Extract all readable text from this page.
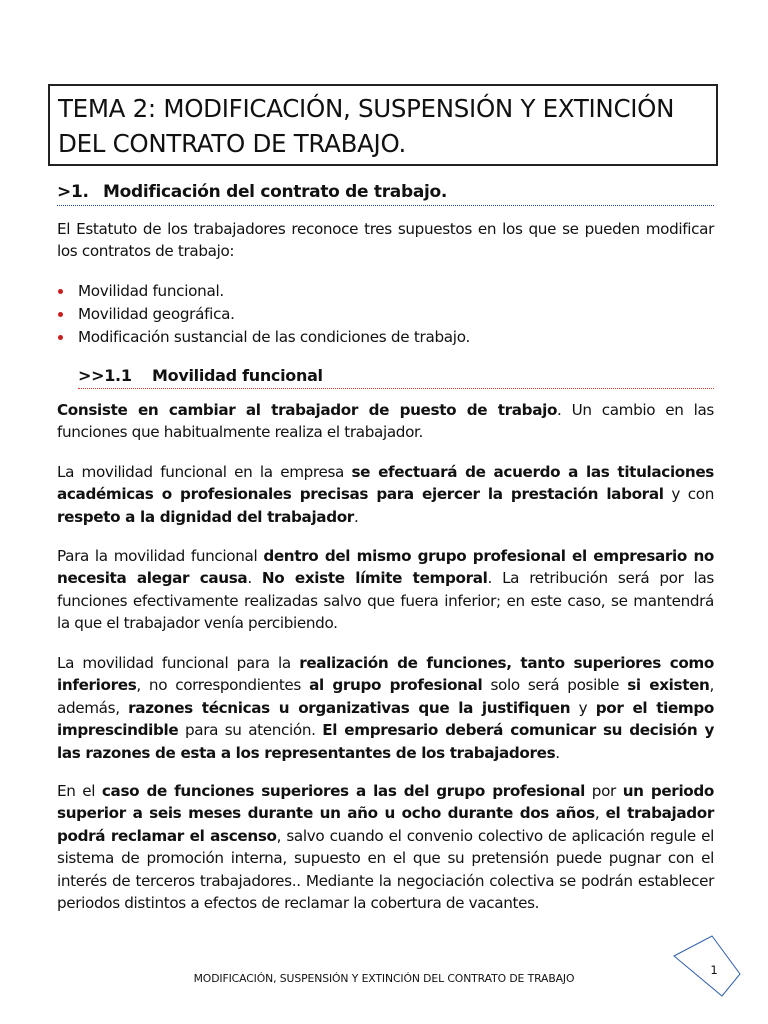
TEMA 2: MODIFICACIÓN, SUSPENSIÓN Y EXTINCIÓN
DEL CONTRATO DE TRABAJO.
>1. Modificación del contrato de trabajo.
El Estatuto de los trabajadores reconoce tres supuestos en los que se pueden modificar los contratos de trabajo:
Movilidad funcional.
Movilidad geográfica.
Modificación sustancial de las condiciones de trabajo.
>>1.1 Movilidad funcional
Consiste en cambiar al trabajador de puesto de trabajo. Un cambio en las funciones que habitualmente realiza el trabajador.
La movilidad funcional en la empresa se efectuará de acuerdo a las titulaciones académicas o profesionales precisas para ejercer la prestación laboral y con respeto a la dignidad del trabajador.
Para la movilidad funcional dentro del mismo grupo profesional el empresario no necesita alegar causa. No existe límite temporal. La retribución será por las funciones efectivamente realizadas salvo que fuera inferior; en este caso, se mantendrá la que el trabajador venía percibiendo.
La movilidad funcional para la realización de funciones, tanto superiores como inferiores, no correspondientes al grupo profesional solo será posible si existen, además, razones técnicas u organizativas que la justifiquen y por el tiempo imprescindible para su atención. El empresario deberá comunicar su decisión y las razones de esta a los representantes de los trabajadores.
En el caso de funciones superiores a las del grupo profesional por un periodo superior a seis meses durante un año u ocho durante dos años, el trabajador podrá reclamar el ascenso, salvo cuando el convenio colectivo de aplicación regule el sistema de promoción interna, supuesto en el que su pretensión puede pugnar con el interés de terceros trabajadores.. Mediante la negociación colectiva se podrán establecer periodos distintos a efectos de reclamar la cobertura de vacantes.
1
MODIFICACIÓN, SUSPENSIÓN Y EXTINCIÓN DEL CONTRATO DE TRABAJO
